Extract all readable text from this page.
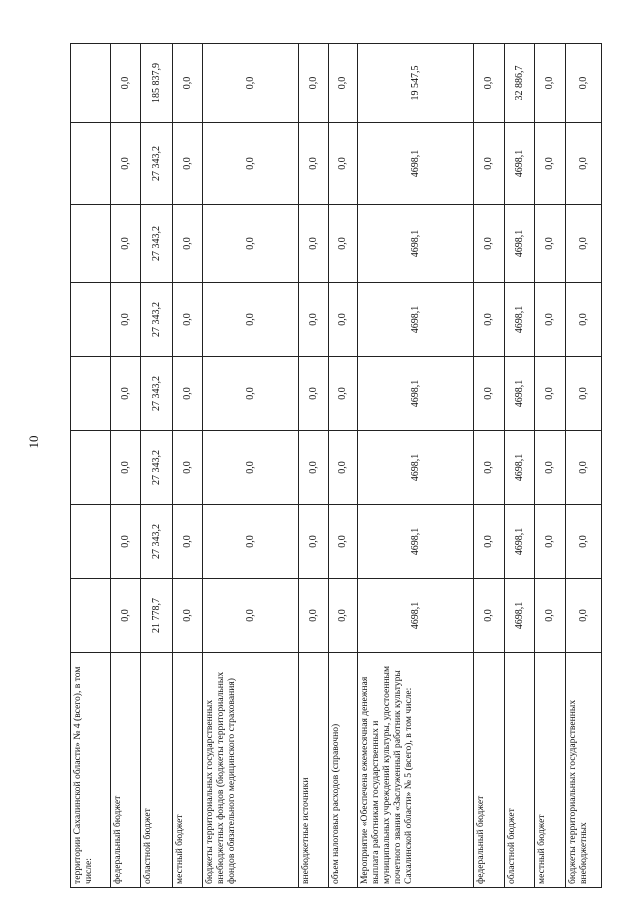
10
территории Сахалинской области» № 4 (всего), в том числе:								
федеральный бюджет	0,0	0,0	0,0	0,0	0,0	0,0	0,0	0,0
областной бюджет	21 778,7	27 343,2	27 343,2	27 343,2	27 343,2	27 343,2	27 343,2	185 837,9
местный бюджет	0,0	0,0	0,0	0,0	0,0	0,0	0,0	0,0
бюджеты территориальных государственных внебюджетных фондов (бюджеты территориальных фондов обязательного медицинского страхования)	0,0	0,0	0,0	0,0	0,0	0,0	0,0	0,0
внебюджетные источники	0,0	0,0	0,0	0,0	0,0	0,0	0,0	0,0
объем налоговых расходов (справочно)	0,0	0,0	0,0	0,0	0,0	0,0	0,0	0,0
Мероприятие «Обеспечена ежемесячная денежная выплата работникам государственных и муниципальных учреждений культуры, удостоенным почетного звания «Заслуженный работник культуры Сахалинской области» № 5 (всего), в том числе:	4698,1	4698,1	4698,1	4698,1	4698,1	4698,1	4698,1	19 547,5
федеральный бюджет	0,0	0,0	0,0	0,0	0,0	0,0	0,0	0,0
областной бюджет	4698,1	4698,1	4698,1	4698,1	4698,1	4698,1	4698,1	32 886,7
местный бюджет	0,0	0,0	0,0	0,0	0,0	0,0	0,0	0,0
бюджеты территориальных государственных внебюджетных	0,0	0,0	0,0	0,0	0,0	0,0	0,0	0,0
